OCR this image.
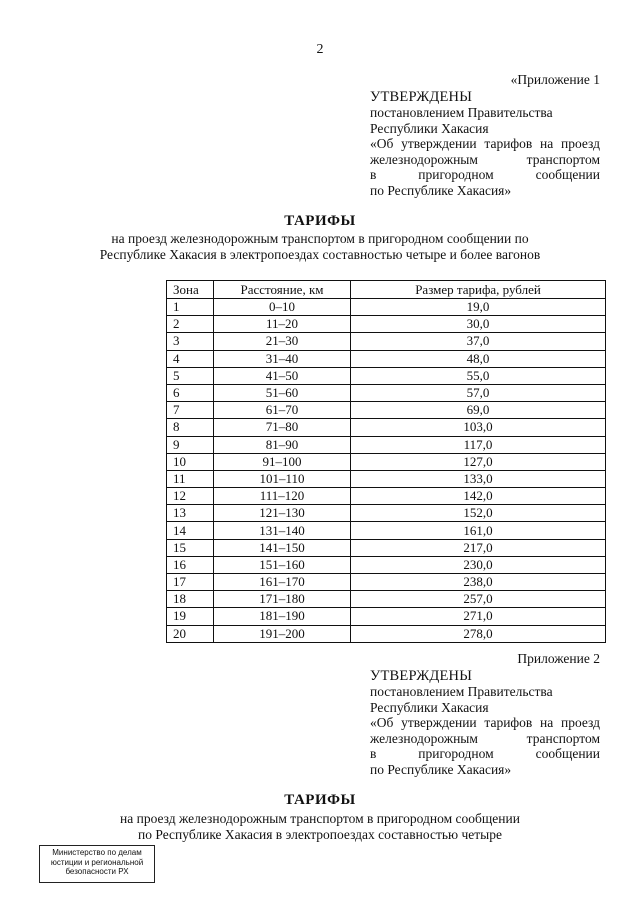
2
«Приложение 1
УТВЕРЖДЕНЫ
постановлением Правительства
Республики Хакасия
«Об утверждении тарифов на проезд
железнодорожным транспортом
в пригородном сообщении
по Республике Хакасия»
ТАРИФЫ
на проезд железнодорожным транспортом в пригородном сообщении по
Республике Хакасия в электропоездах составностью четыре и более вагонов
Зона	Расстояние, км	Размер тарифа, рублей
1	0–10	19,0
2	11–20	30,0
3	21–30	37,0
4	31–40	48,0
5	41–50	55,0
6	51–60	57,0
7	61–70	69,0
8	71–80	103,0
9	81–90	117,0
10	91–100	127,0
11	101–110	133,0
12	111–120	142,0
13	121–130	152,0
14	131–140	161,0
15	141–150	217,0
16	151–160	230,0
17	161–170	238,0
18	171–180	257,0
19	181–190	271,0
20	191–200	278,0
Приложение 2
УТВЕРЖДЕНЫ
постановлением Правительства
Республики Хакасия
«Об утверждении тарифов на проезд
железнодорожным транспортом
в пригородном сообщении
по Республике Хакасия»
ТАРИФЫ
на проезд железнодорожным транспортом в пригородном сообщении
по Республике Хакасия в электропоездах составностью четыре
Министерство по делам
юстиции и региональной
безопасности РХ
